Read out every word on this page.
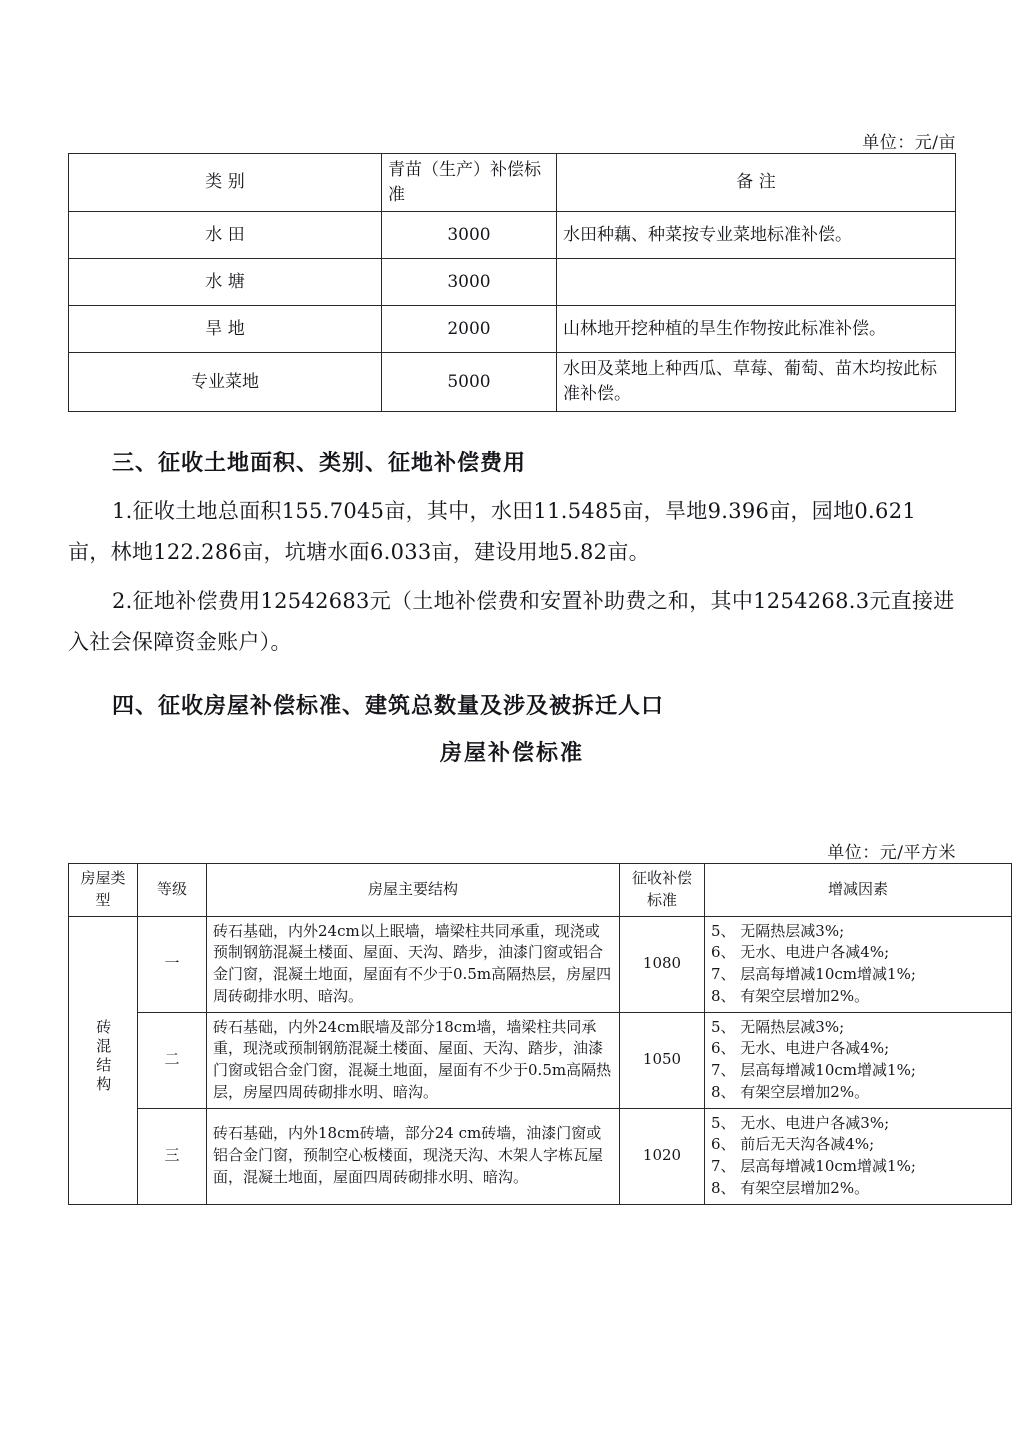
单位：元/亩
类 别	青苗（生产）补偿标准	备 注
水 田	3000	水田种藕、种菜按专业菜地标准补偿。
水 塘	3000	
旱 地	2000	山林地开挖种植的旱生作物按此标准补偿。
专业菜地	5000	水田及菜地上种西瓜、草莓、葡萄、苗木均按此标准补偿。
三、征收土地面积、类别、征地补偿费用
1.征收土地总面积155.7045亩，其中，水田11.5485亩，旱地9.396亩，园地0.621亩，林地122.286亩，坑塘水面6.033亩，建设用地5.82亩。
2.征地补偿费用12542683元（土地补偿费和安置补助费之和，其中1254268.3元直接进入社会保障资金账户）。
四、征收房屋补偿标准、建筑总数量及涉及被拆迁人口
房屋补偿标准
单位：元/平方米
房屋类型	等级	房屋主要结构	征收补偿标准	增减因素
砖混结构	一	砖石基础，内外24cm以上眠墙，墙梁柱共同承重，现浇或预制钢筋混凝土楼面、屋面、天沟、踏步，油漆门窗或铝合金门窗，混凝土地面，屋面有不少于0.5m高隔热层，房屋四周砖砌排水明、暗沟。	1080	5、 无隔热层减3%;
6、 无水、电进户各减4%;
7、 层高每增减10cm增减1%;
8、 有架空层增加2%。

	二	砖石基础，内外24cm眠墙及部分18cm墙，墙梁柱共同承重，现浇或预制钢筋混凝土楼面、屋面、天沟、踏步，油漆门窗或铝合金门窗，混凝土地面，屋面有不少于0.5m高隔热层，房屋四周砖砌排水明、暗沟。	1050	5、 无隔热层减3%;
6、 无水、电进户各减4%;
7、 层高每增减10cm增减1%;
8、 有架空层增加2%。

	三	砖石基础，内外18cm砖墙，部分24 cm砖墙，油漆门窗或铝合金门窗，预制空心板楼面，现浇天沟、木架人字栋瓦屋面，混凝土地面，屋面四周砖砌排水明、暗沟。	1020	5、 无水、电进户各减3%;
6、 前后无天沟各减4%;
7、 层高每增减10cm增减1%;
8、 有架空层增加2%。
